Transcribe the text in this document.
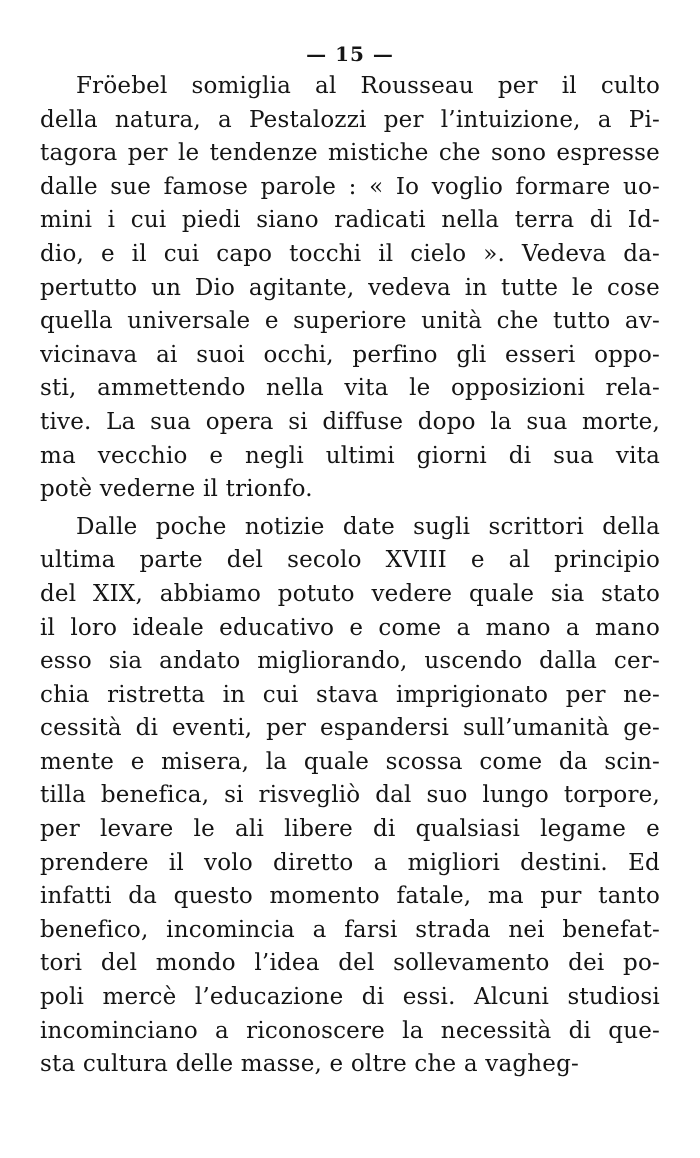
— 15 —
Fröebel somiglia al Rousseau per il culto
della natura, a Pestalozzi per l’intuizione, a Pi-
tagora per le tendenze mistiche che sono espresse
dalle sue famose parole : « Io voglio formare uo-
mini i cui piedi siano radicati nella terra di Id-
dio, e il cui capo tocchi il cielo ». Vedeva da-
pertutto un Dio agitante, vedeva in tutte le cose
quella universale e superiore unità che tutto av-
vicinava ai suoi occhi, perfino gli esseri oppo-
sti, ammettendo nella vita le opposizioni rela-
tive. La sua opera si diffuse dopo la sua morte,
ma vecchio e negli ultimi giorni di sua vita
potè vederne il trionfo.
Dalle poche notizie date sugli scrittori della
ultima parte del secolo XVIII e al principio
del XIX, abbiamo potuto vedere quale sia stato
il loro ideale educativo e come a mano a mano
esso sia andato migliorando, uscendo dalla cer-
chia ristretta in cui stava imprigionato per ne-
cessità di eventi, per espandersi sull’umanità ge-
mente e misera, la quale scossa come da scin-
tilla benefica, si risvegliò dal suo lungo torpore,
per levare le ali libere di qualsiasi legame e
prendere il volo diretto a migliori destini. Ed
infatti da questo momento fatale, ma pur tanto
benefico, incomincia a farsi strada nei benefat-
tori del mondo l’idea del sollevamento dei po-
poli mercè l’educazione di essi. Alcuni studiosi
incominciano a riconoscere la necessità di que-
sta cultura delle masse, e oltre che a vagheg-
